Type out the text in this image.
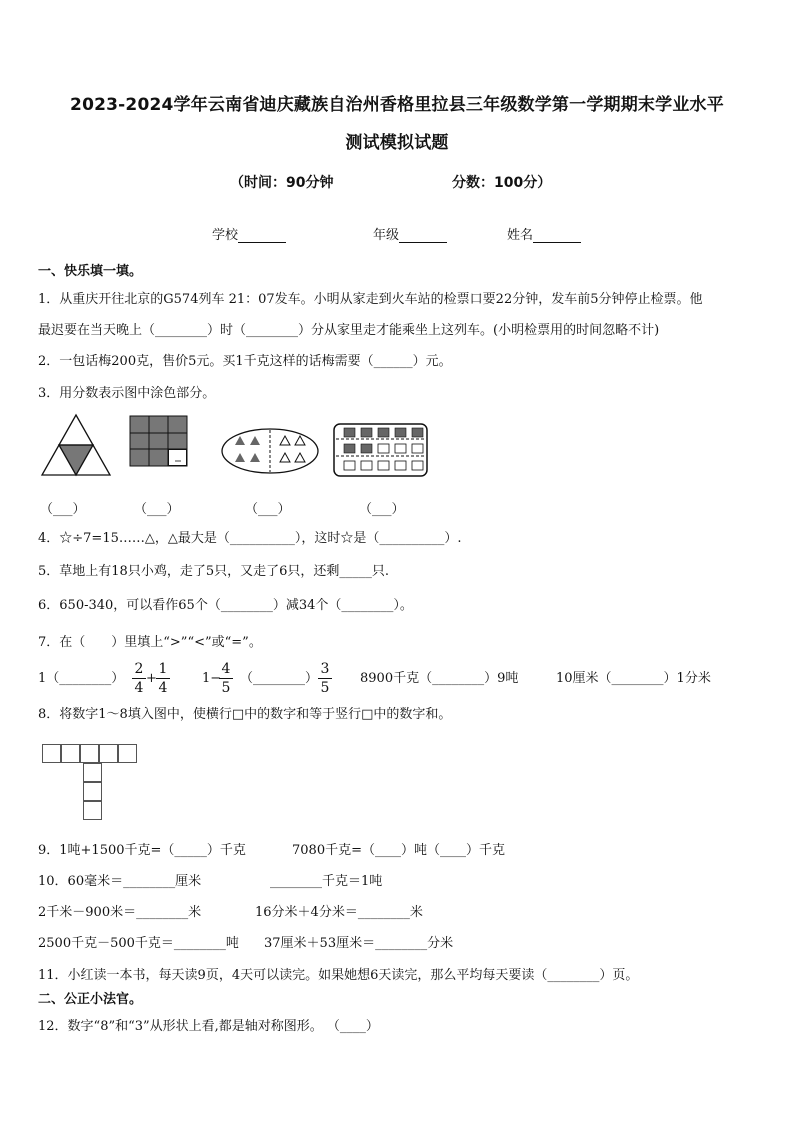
2023-2024学年云南省迪庆藏族自治州香格里拉县三年级数学第一学期期末学业水平
测试模拟试题
（时间：90分钟	分数：100分）
学校	年级	姓名
一、快乐填一填。
1．从重庆开往北京的G574列车 21：07发车。小明从家走到火车站的检票口要22分钟，发车前5分钟停止检票。他
最迟要在当天晚上（________）时（________）分从家里走才能乘坐上这列车。(小明检票用的时间忽略不计)
2．一包话梅200克，售价5元。买1千克这样的话梅需要（______）元。
3．用分数表示图中涂色部分。
（___）	（___）	（___）	（___）
4．☆÷7=15……△，△最大是（__________），这时☆是（__________）.
5．草地上有18只小鸡，走了5只，又走了6只，还剩_____只.
6．650-340，可以看作65个（________）减34个（________）。
7．在（　　）里填上“>”“<”或“=”。
1（________）
2
4
+
1
4
1−
4
5
（________）
3
5
8900千克（________）9吨	10厘米（________）1分米
8．将数字1～8填入图中，使横行□中的数字和等于竖行□中的数字和。
9．1吨+1500千克=（_____）千克	7080千克=（____）吨（____）千克
10．60毫米＝________厘米	________千克＝1吨
2千米－900米＝________米	16分米＋4分米＝________米
2500千克－500千克＝________吨 37厘米＋53厘米＝________分米
11．小红读一本书，每天读9页，4天可以读完。如果她想6天读完，那么平均每天要读（________）页。
二、公正小法官。
12．数字“8”和“3”从形状上看,都是轴对称图形。 （____）
